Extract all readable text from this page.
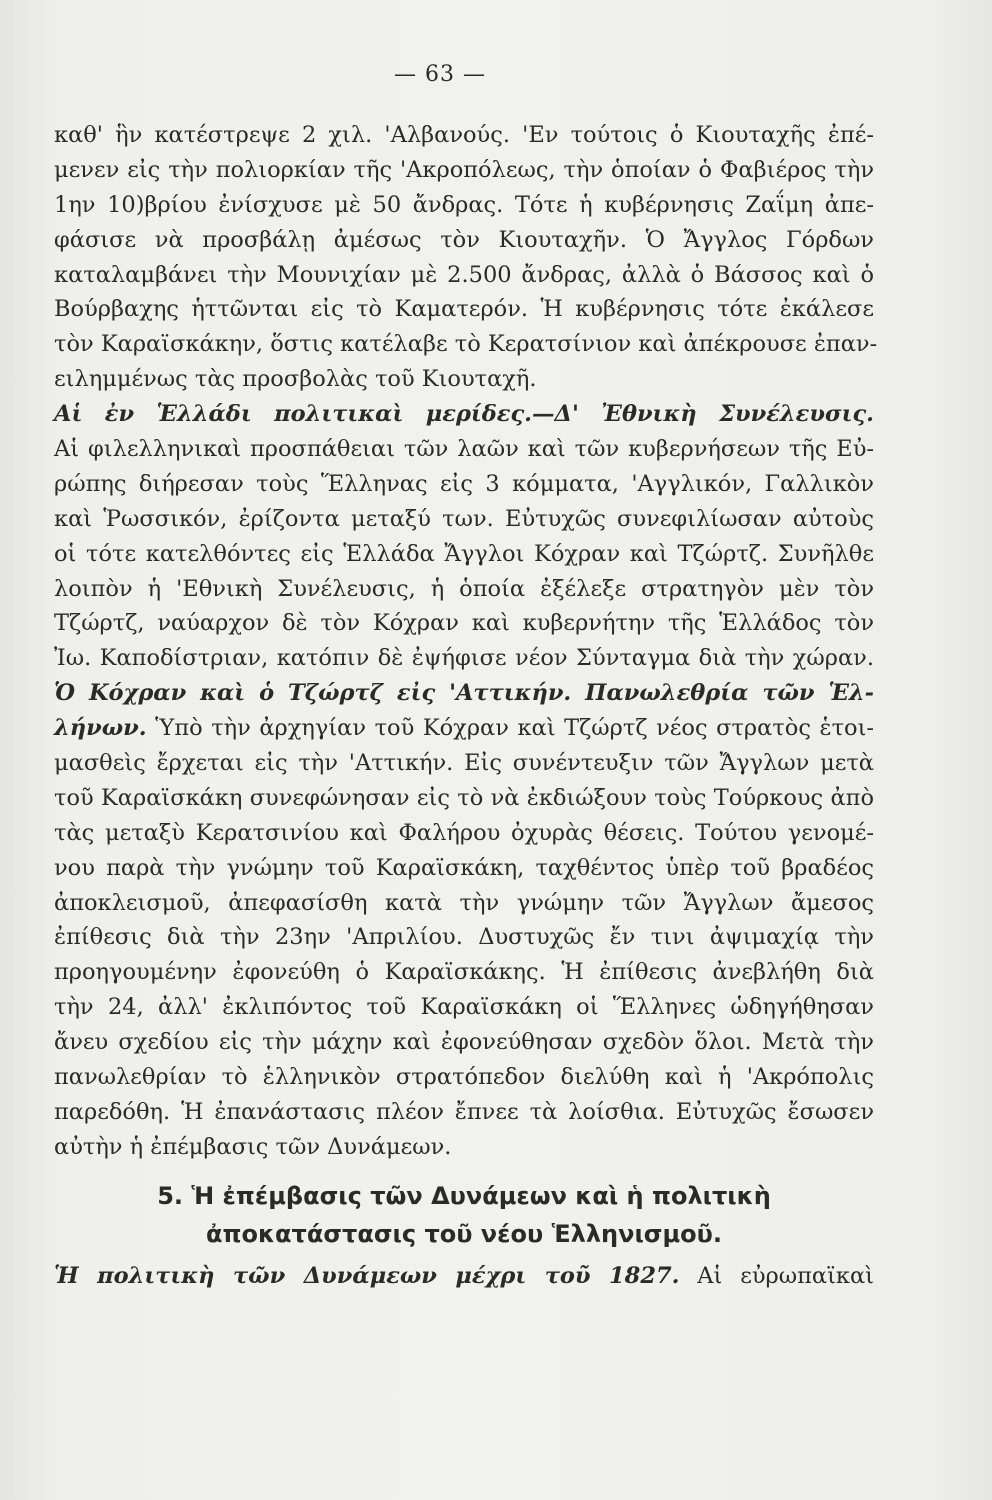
— 63 —
καθ' ἣν κατέστρεψε 2 χιλ. 'Αλβανούς. 'Εν τούτοις ὁ Κιουταχῆς ἐπέ-
μενεν εἰς τὴν πολιορκίαν τῆς 'Ακροπόλεως, τὴν ὁποίαν ὁ Φαβιέρος τὴν
1ην 10)βρίου ἐνίσχυσε μὲ 50 ἄνδρας. Τότε ἡ κυβέρνησις Ζαΐμη ἀπε-
φάσισε νὰ προσβάλῃ ἀμέσως τὸν Κιουταχῆν. Ὁ Ἄγγλος Γόρδων
καταλαμβάνει τὴν Μουνιχίαν μὲ 2.500 ἄνδρας, ἀλλὰ ὁ Βάσσος καὶ ὁ
Βούρβαχης ἡττῶνται εἰς τὸ Καματερόν. Ἡ κυβέρνησις τότε ἐκάλεσε
τὸν Καραϊσκάκην, ὅστις κατέλαβε τὸ Κερατσίνιον καὶ ἀπέκρουσε ἐπαν-
ειλημμένως τὰς προσβολὰς τοῦ Κιουταχῆ.
Αἱ ἐν Ἑλλάδι πολιτικαὶ μερίδες.—Δ' Ἐθνικὴ Συνέλευσις.
Αἱ φιλελληνικαὶ προσπάθειαι τῶν λαῶν καὶ τῶν κυβερνήσεων τῆς Εὐ-
ρώπης διήρεσαν τοὺς Ἕλληνας εἰς 3 κόμματα, 'Αγγλικόν, Γαλλικὸν
καὶ Ῥωσσικόν, ἐρίζοντα μεταξύ των. Εὐτυχῶς συνεφιλίωσαν αὐτοὺς
οἱ τότε κατελθόντες εἰς Ἑλλάδα Ἄγγλοι Κόχραν καὶ Τζώρτζ. Συνῆλθε
λοιπὸν ἡ 'Εθνικὴ Συνέλευσις, ἡ ὁποία ἐξέλεξε στρατηγὸν μὲν τὸν
Τζώρτζ, ναύαρχον δὲ τὸν Κόχραν καὶ κυβερνήτην τῆς Ἑλλάδος τὸν
Ἰω. Καποδίστριαν, κατόπιν δὲ ἐψήφισε νέον Σύνταγμα διὰ τὴν χώραν.
Ὁ Κόχραν καὶ ὁ Τζώρτζ εἰς 'Αττικήν. Πανωλεθρία τῶν Ἑλ-
λήνων. Ὑπὸ τὴν ἀρχηγίαν τοῦ Κόχραν καὶ Τζώρτζ νέος στρατὸς ἑτοι-
μασθεὶς ἔρχεται εἰς τὴν 'Αττικήν. Εἰς συνέντευξιν τῶν Ἄγγλων μετὰ
τοῦ Καραϊσκάκη συνεφώνησαν εἰς τὸ νὰ ἐκδιώξουν τοὺς Τούρκους ἀπὸ
τὰς μεταξὺ Κερατσινίου καὶ Φαλήρου ὀχυρὰς θέσεις. Τούτου γενομέ-
νου παρὰ τὴν γνώμην τοῦ Καραϊσκάκη, ταχθέντος ὑπὲρ τοῦ βραδέος
ἀποκλεισμοῦ, ἀπεφασίσθη κατὰ τὴν γνώμην τῶν Ἄγγλων ἄμεσος
ἐπίθεσις διὰ τὴν 23ην 'Απριλίου. Δυστυχῶς ἔν τινι ἀψιμαχίᾳ τὴν
προηγουμένην ἐφονεύθη ὁ Καραϊσκάκης. Ἡ ἐπίθεσις ἀνεβλήθη διὰ
τὴν 24, ἀλλ' ἐκλιπόντος τοῦ Καραϊσκάκη οἱ Ἕλληνες ὡδηγήθησαν
ἄνευ σχεδίου εἰς τὴν μάχην καὶ ἐφονεύθησαν σχεδὸν ὅλοι. Μετὰ τὴν
πανωλεθρίαν τὸ ἑλληνικὸν στρατόπεδον διελύθη καὶ ἡ 'Ακρόπολις
παρεδόθη. Ἡ ἐπανάστασις πλέον ἔπνεε τὰ λοίσθια. Εὐτυχῶς ἔσωσεν
αὐτὴν ἡ ἐπέμβασις τῶν Δυνάμεων.
5. Ἡ ἐπέμβασις τῶν Δυνάμεων καὶ ἡ πολιτικὴ
ἀποκατάστασις τοῦ νέου Ἑλληνισμοῦ.
Ἡ πολιτικὴ τῶν Δυνάμεων μέχρι τοῦ 1827. Αἱ εὐρωπαϊκαὶ
